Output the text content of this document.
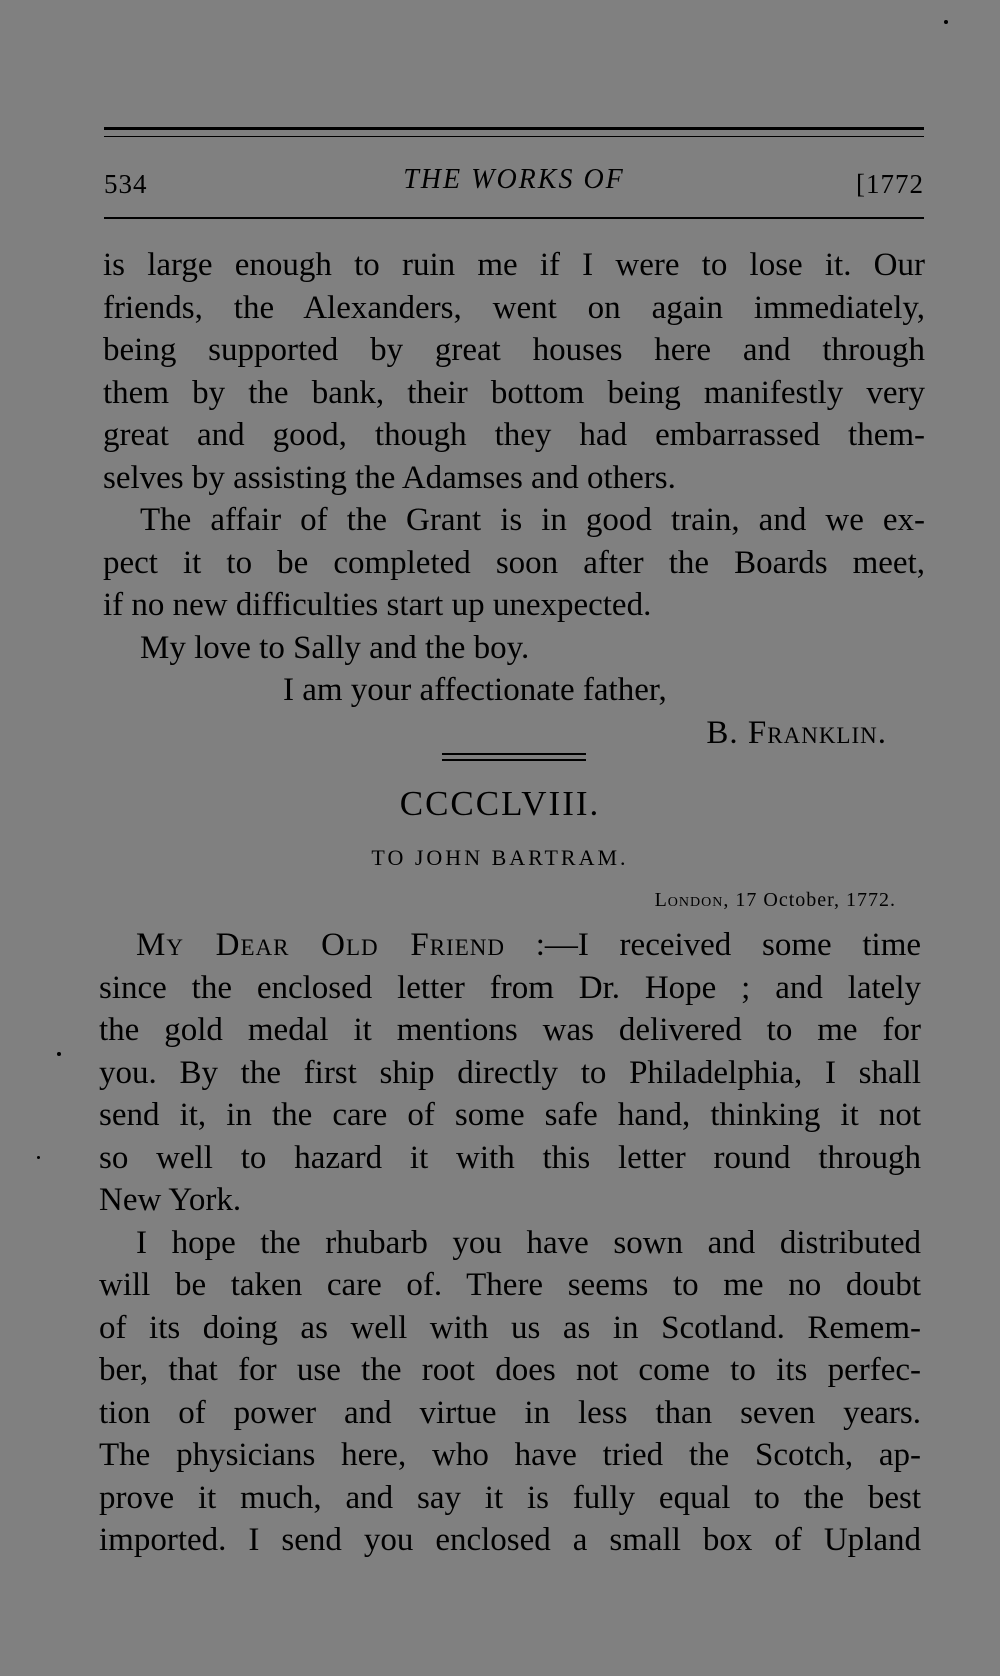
534	THE WORKS OF	[1772
is large enough to ruin me if I were to lose it. Our
friends, the Alexanders, went on again immediately,
being supported by great houses here and through
them by the bank, their bottom being manifestly very
great and good, though they had embarrassed them-
selves by assisting the Adamses and others.
The affair of the Grant is in good train, and we ex-
pect it to be completed soon after the Boards meet,
if no new difficulties start up unexpected.
My love to Sally and the boy.
I am your affectionate father,
B. Franklin.
CCCCLVIII.
TO JOHN BARTRAM.
London, 17 October, 1772.
My Dear Old Friend :—I received some time
since the enclosed letter from Dr. Hope ; and lately
the gold medal it mentions was delivered to me for
you. By the first ship directly to Philadelphia, I shall
send it, in the care of some safe hand, thinking it not
so well to hazard it with this letter round through
New York.
I hope the rhubarb you have sown and distributed
will be taken care of. There seems to me no doubt
of its doing as well with us as in Scotland. Remem-
ber, that for use the root does not come to its perfec-
tion of power and virtue in less than seven years.
The physicians here, who have tried the Scotch, ap-
prove it much, and say it is fully equal to the best
imported. I send you enclosed a small box of Upland
